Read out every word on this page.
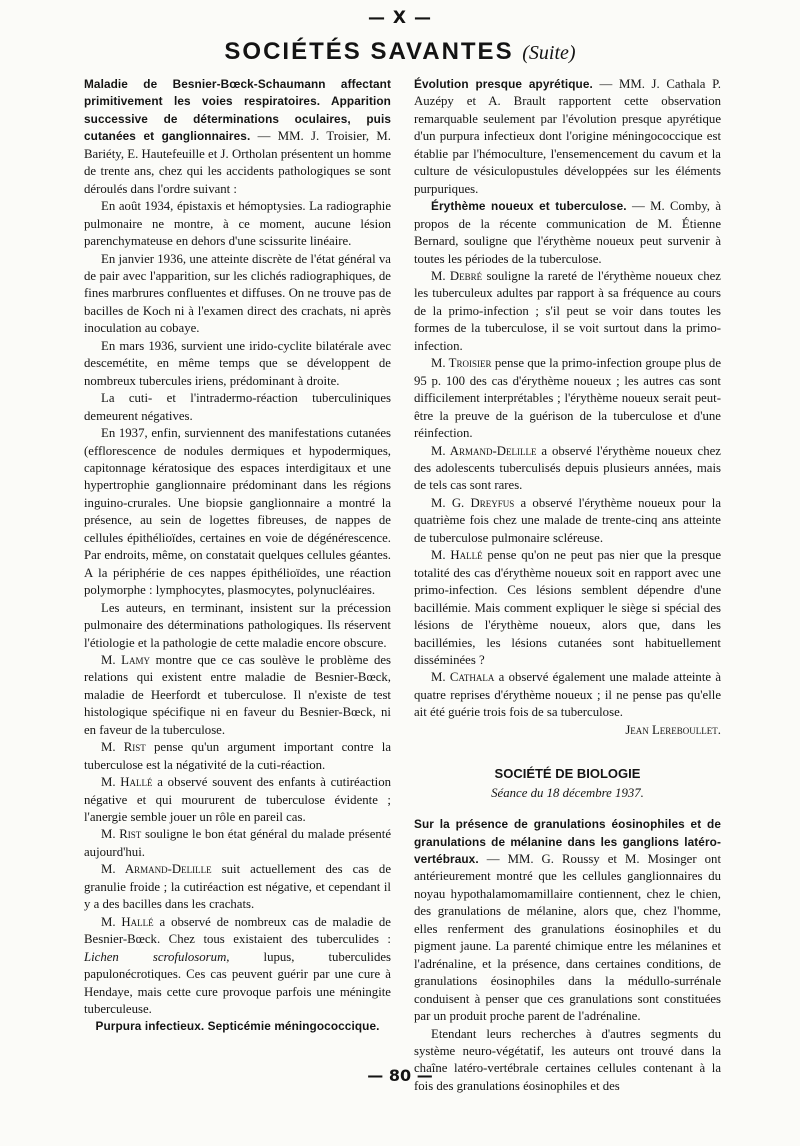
— X —
SOCIÉTÉS SAVANTES (Suite)

Maladie de Besnier-Bœck-Schaumann affectant primitivement les voies respiratoires. Apparition successive de déterminations oculaires, puis cutanées et ganglionnaires. — MM. J. Troisier, M. Bariéty, E. Hautefeuille et J. Ortholan présentent un homme de trente ans, chez qui les accidents pathologiques se sont déroulés dans l'ordre suivant :

En août 1934, épistaxis et hémoptysies. La radiographie pulmonaire ne montre, à ce moment, aucune lésion parenchymateuse en dehors d'une scissurite linéaire.

En janvier 1936, une atteinte discrète de l'état général va de pair avec l'apparition, sur les clichés radiographiques, de fines marbrures confluentes et diffuses. On ne trouve pas de bacilles de Koch ni à l'examen direct des crachats, ni après inoculation au cobaye.

En mars 1936, survient une irido-cyclite bilatérale avec descemétite, en même temps que se développent de nombreux tubercules iriens, prédominant à droite.

La cuti- et l'intradermo-réaction tuberculiniques demeurent négatives.

En 1937, enfin, surviennent des manifestations cutanées (efflorescence de nodules dermiques et hypodermiques, capitonnage kératosique des espaces interdigitaux et une hypertrophie ganglionnaire prédominant dans les régions inguino-crurales. Une biopsie ganglionnaire a montré la présence, au sein de logettes fibreuses, de nappes de cellules épithélioïdes, certaines en voie de dégénérescence. Par endroits, même, on constatait quelques cellules géantes. A la périphérie de ces nappes épithélioïdes, une réaction polymorphe : lymphocytes, plasmocytes, polynucléaires.

Les auteurs, en terminant, insistent sur la précession pulmonaire des déterminations pathologiques. Ils réservent l'étiologie et la pathologie de cette maladie encore obscure.

M. Lamy montre que ce cas soulève le problème des relations qui existent entre maladie de Besnier-Bœck, maladie de Heerfordt et tuberculose. Il n'existe de test histologique spécifique ni en faveur du Besnier-Bœck, ni en faveur de la tuberculose.

M. Rist pense qu'un argument important contre la tuberculose est la négativité de la cuti-réaction.

M. Hallé a observé souvent des enfants à cutiréaction négative et qui moururent de tuberculose évidente ; l'anergie semble jouer un rôle en pareil cas.

M. Rist souligne le bon état général du malade présenté aujourd'hui.

M. Armand-Delille suit actuellement des cas de granulie froide ; la cutiréaction est négative, et cependant il y a des bacilles dans les crachats.

M. Hallé a observé de nombreux cas de maladie de Besnier-Bœck. Chez tous existaient des tuberculides : Lichen scrofulosorum,	lupus, tuberculides papulonécrotiques. Ces cas peuvent guérir par une cure à Hendaye, mais cette cure provoque parfois une méningite tuberculeuse.

Purpura infectieux. Septicémie méningococcique.

Évolution presque apyrétique. — MM. J. Cathala P. Auzépy et A. Brault rapportent cette observation remarquable seulement par l'évolution presque apyrétique d'un purpura infectieux dont l'origine méningococcique est établie par l'hémoculture, l'ensemencement du cavum et la culture de vésiculopustules développées sur les éléments purpuriques.

Érythème noueux et tuberculose. — M. Comby, à propos de la récente communication de M. Étienne Bernard, souligne que l'érythème noueux peut survenir à toutes les périodes de la tuberculose.

M. Debré souligne la rareté de l'érythème noueux chez les tuberculeux adultes par rapport à sa fréquence au cours de la primo-infection ; s'il peut se voir dans toutes les formes de la tuberculose, il se voit surtout dans la primo-infection.

M. Troisier pense que la primo-infection groupe plus de 95 p. 100 des cas d'érythème noueux ; les autres cas sont difficilement interprétables ; l'érythème noueux serait peut-être la preuve de la guérison de la tuberculose et d'une réinfection.

M. Armand-Delille a observé l'érythème noueux chez des adolescents tuberculisés depuis plusieurs années, mais de tels cas sont rares.

M. G. Dreyfus a observé l'érythème noueux pour la quatrième fois chez une malade de trente-cinq ans atteinte de tuberculose pulmonaire scléreuse.

M. Hallé pense qu'on ne peut pas nier que la presque totalité des cas d'érythème noueux soit en rapport avec une primo-infection. Ces lésions semblent dépendre d'une bacillémie. Mais comment expliquer le siège si spécial des lésions de l'érythème noueux, alors que, dans les bacillémies, les lésions cutanées sont habituellement disséminées ?

M. Cathala a observé également une malade atteinte à quatre reprises d'érythème noueux ; il ne pense pas qu'elle ait été guérie trois fois de sa tuberculose.

Jean Lereboullet.

SOCIÉTÉ DE BIOLOGIE
Séance du 18 décembre 1937.

Sur la présence de granulations éosinophiles et de granulations de mélanine dans les ganglions latéro-vertébraux. — MM. G. Roussy et M. Mosinger ont antérieurement montré que les cellules ganglionnaires du noyau hypothalamomamillaire contiennent, chez le chien, des granulations de mélanine, alors que, chez l'homme, elles renferment des granulations éosinophiles et du pigment jaune. La parenté chimique entre les mélanines et l'adrénaline, et la présence, dans certaines conditions, de granulations éosinophiles dans la médullo-surrénale conduisent à penser que ces granulations sont constituées par un produit proche parent de l'adrénaline.

Etendant leurs recherches à d'autres segments du système neuro-végétatif, les auteurs ont trouvé dans la chaîne latéro-vertébrale certaines cellules contenant à la fois des granulations éosinophiles et des

— 80 —
